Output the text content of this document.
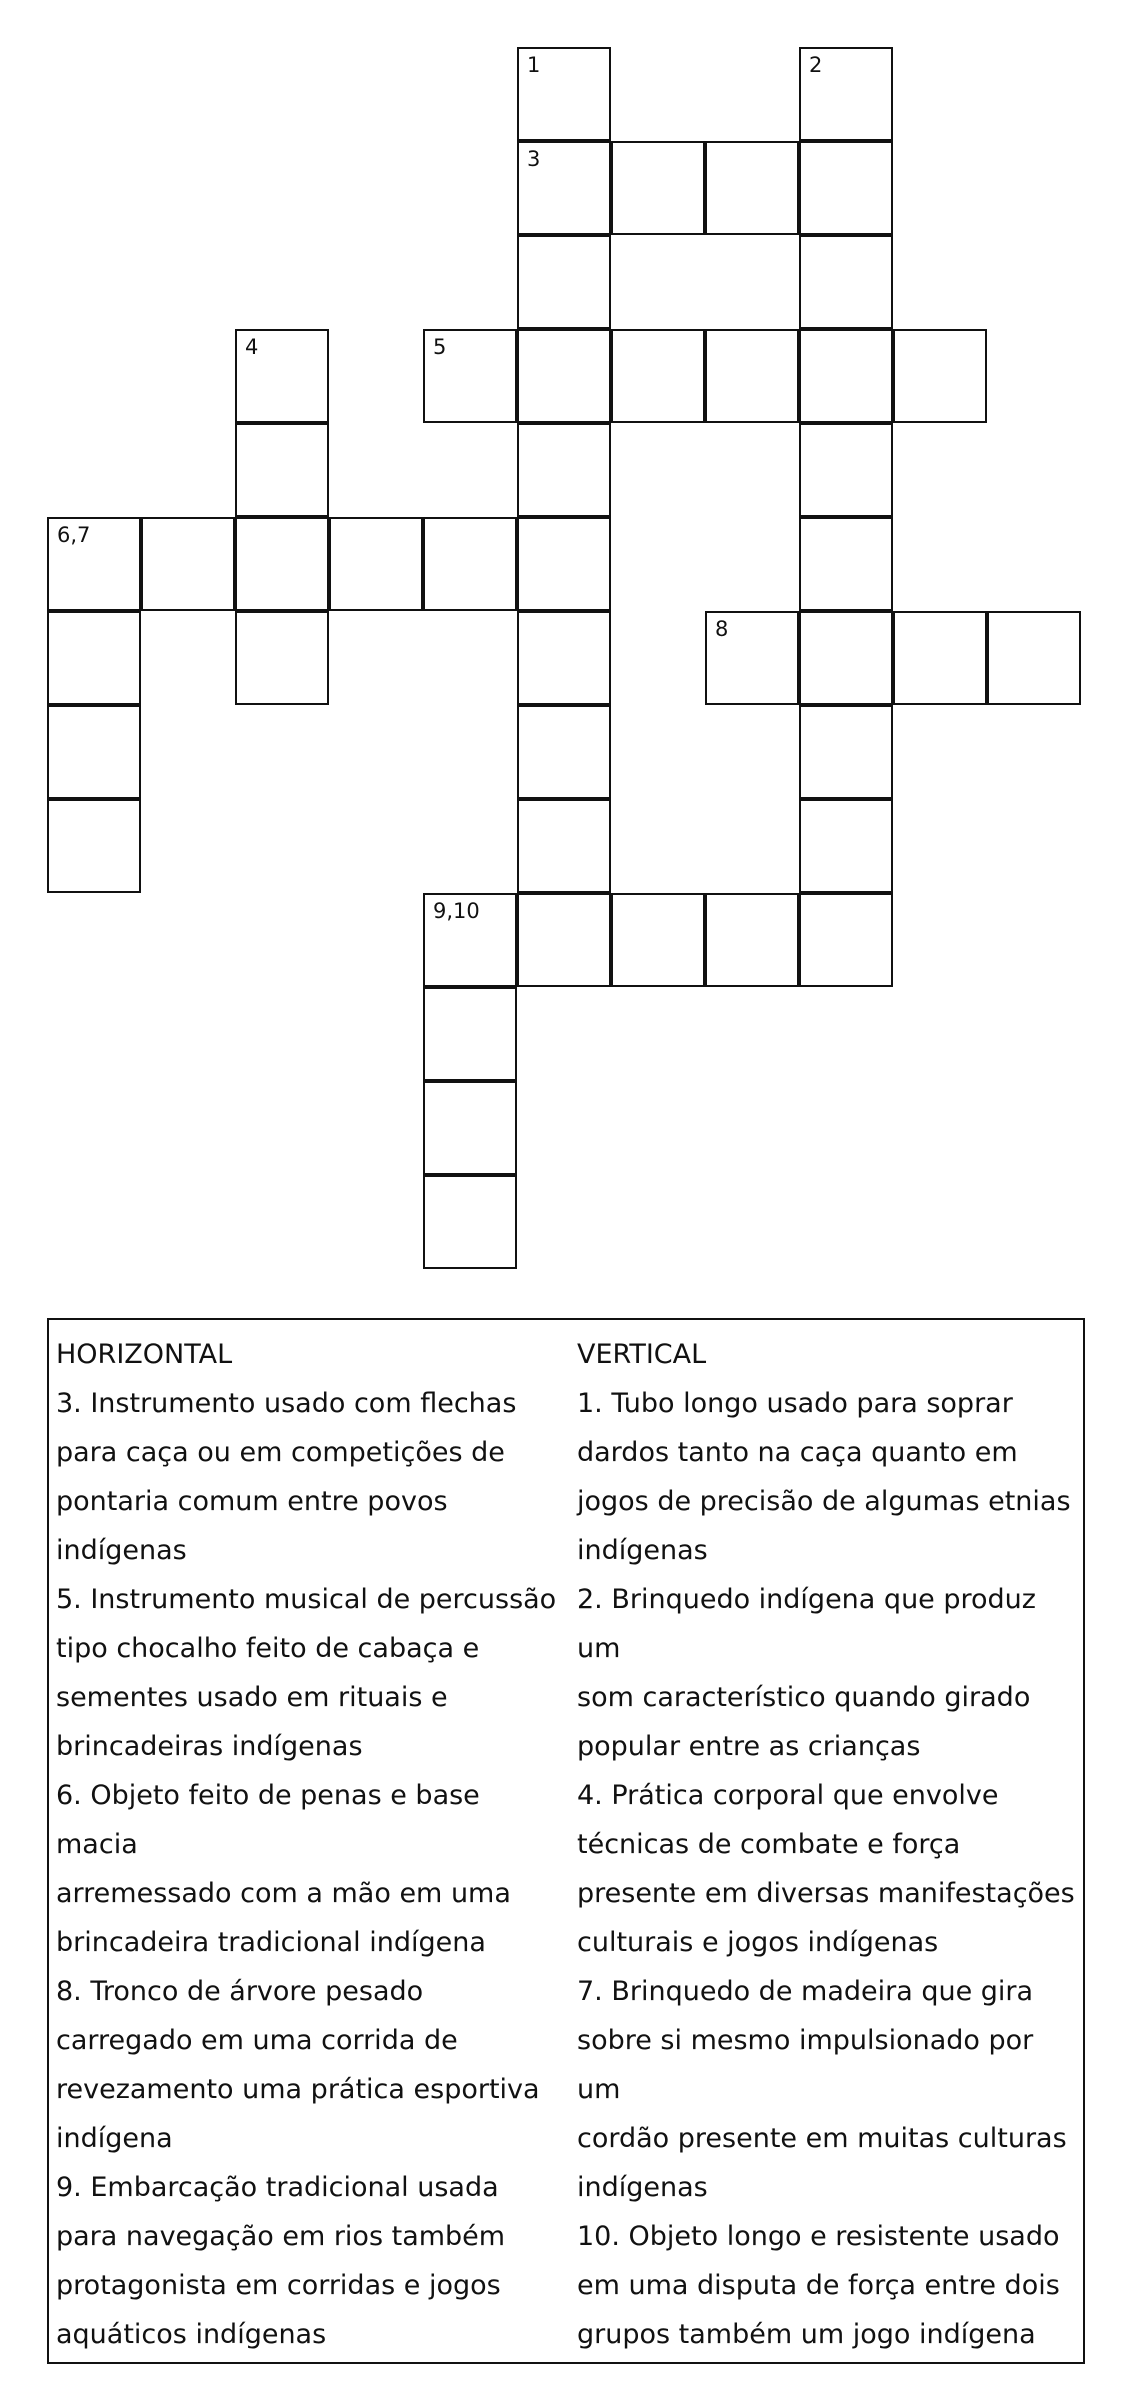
1	2
3
4	5
6,7
8
9,10
HORIZONTAL
3. Instrumento usado com flechas
para caça ou em competições de
pontaria comum entre povos
indígenas
5. Instrumento musical de percussão
tipo chocalho feito de cabaça e
sementes usado em rituais e
brincadeiras indígenas
6. Objeto feito de penas e base macia
arremessado com a mão em uma
brincadeira tradicional indígena
8. Tronco de árvore pesado
carregado em uma corrida de
revezamento uma prática esportiva
indígena
9. Embarcação tradicional usada
para navegação em rios também
protagonista em corridas e jogos
aquáticos indígenas
VERTICAL
1. Tubo longo usado para soprar
dardos tanto na caça quanto em
jogos de precisão de algumas etnias
indígenas
2. Brinquedo indígena que produz um
som característico quando girado
popular entre as crianças
4. Prática corporal que envolve
técnicas de combate e força
presente em diversas manifestações
culturais e jogos indígenas
7. Brinquedo de madeira que gira
sobre si mesmo impulsionado por um
cordão presente em muitas culturas
indígenas
10. Objeto longo e resistente usado
em uma disputa de força entre dois
grupos também um jogo indígena
